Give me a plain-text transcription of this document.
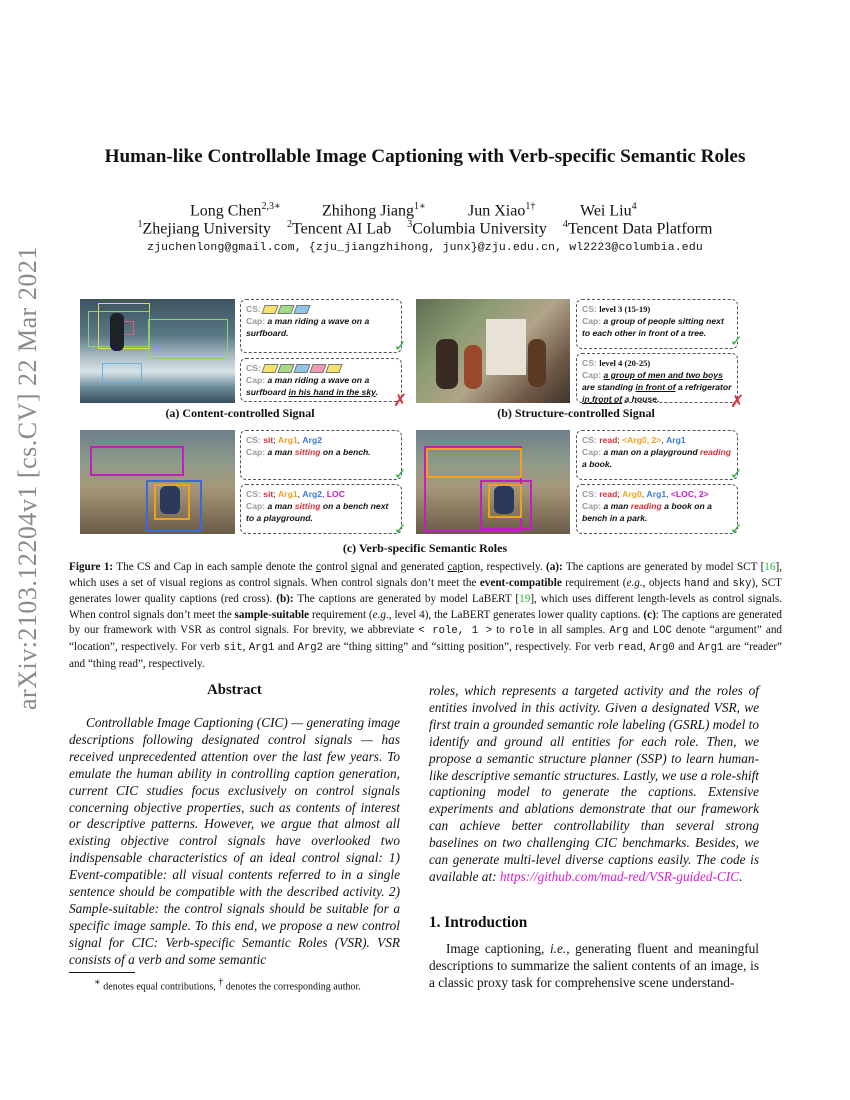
arXiv:2103.12204v1 [cs.CV] 22 Mar 2021
Human-like Controllable Image Captioning with Verb-specific Semantic Roles
Long Chen$^{2,3∗}$	Zhihong Jiang$^{1∗}$	Jun Xiao$^{1\dagger}$	Wei Liu$^4$
$^1$Zhejiang University $^2$Tencent AI Lab $^3$Columbia University $^4$Tencent Data Platform
zjuchenlong@gmail.com, {zju_jiangzhihong, junx}@zju.edu.cn, wl2223@columbia.edu
CS:
Cap: a man riding a wave on a surfboard.
✓
CS:
Cap: a man riding a wave on a surfboard in his hand in the sky. ✗
(a) Content-controlled Signal
CS: level 3 (15-19)
Cap: a group of people sitting next to each other in front of a tree.	✓
CS: level 4 (20-25)
Cap: a group of men and two boys are standing in front of a refrigerator in front of a house.	✗
(b) Structure-controlled Signal
CS: sit; Arg1, Arg2
Cap: a man sitting on a bench.
✓
CS: sit; Arg1, Arg2, LOC
Cap: a man sitting on a bench next to a playground.
✓
CS: read; <Arg0, 2>, Arg1
Cap: a man on a playground reading a book.
✓
CS: read; Arg0, Arg1, <LOC, 2>
Cap: a man reading a book on a bench in a park.
✓
(c) Verb-specific Semantic Roles
Figure 1: The CS and Cap in each sample denote the control signal and generated caption, respectively. (a): The captions are generated by model SCT [16], which uses a set of visual regions as control signals. When control signals don’t meet the event-compatible requirement (e.g., objects hand and sky), SCT generates lower quality captions (red cross). (b): The captions are generated by model LaBERT [19], which uses different length-levels as control signals. When control signals don’t meet the sample-suitable requirement (e.g., level 4), the LaBERT generates lower quality captions. (c): The captions are generated by our framework with VSR as control signals. For brevity, we abbreviate < role, 1 > to role in all samples. Arg and LOC denote “argument” and “location”, respectively. For verb sit, Arg1 and Arg2 are “thing sitting” and “sitting position”, respectively. For verb read, Arg0 and Arg1 are “reader” and “thing read”, respectively.
Abstract
Controllable Image Captioning (CIC) — generating image descriptions following designated control signals — has received unprecedented attention over the last few years. To emulate the human ability in controlling caption generation, current CIC studies focus exclusively on control signals concerning objective properties, such as contents of interest or descriptive patterns. However, we argue that almost all existing objective control signals have overlooked two indispensable characteristics of an ideal control signal: 1) Event-compatible: all visual contents referred to in a single sentence should be compatible with the described activity. 2) Sample-suitable: the control signals should be suitable for a specific image sample. To this end, we propose a new control signal for CIC: Verb-specific Semantic Roles (VSR). VSR consists of a verb and some semantic
∗ denotes equal contributions, † denotes the corresponding author.
roles, which represents a targeted activity and the roles of entities involved in this activity. Given a designated VSR, we first train a grounded semantic role labeling (GSRL) model to identify and ground all entities for each role. Then, we propose a semantic structure planner (SSP) to learn human-like descriptive semantic structures. Lastly, we use a role-shift captioning model to generate the captions. Extensive experiments and ablations demonstrate that our framework can achieve better controllability than several strong baselines on two challenging CIC benchmarks. Besides, we can generate multi-level diverse captions easily. The code is available at: https://github.com/mad-red/VSR-guided-CIC.
1. Introduction
Image captioning, i.e., generating fluent and meaningful descriptions to summarize the salient contents of an image, is a classic proxy task for comprehensive scene understand-
